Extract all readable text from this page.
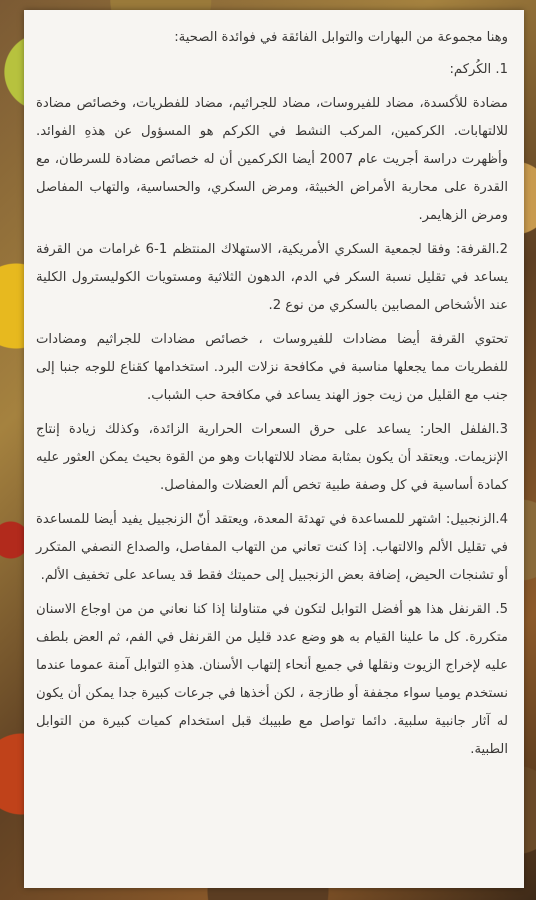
وهنا مجموعة من البهارات والتوابل الفائقة في فوائدة الصحية:

1. الكُركم:

مضادة للأكسدة، مضاد للفيروسات، مضاد للجراثيم، مضاد للفطريات، وخصائص مضادة للالتهابات. الكركمين، المركب النشط في الكركم هو المسؤول عن هذهِ الفوائد. وأظهرت دراسة أجريت عام 2007 أيضا الكركمين أن له خصائص مضادة للسرطان، مع القدرة على محاربة الأمراض الخبيثة، ومرض السكري، والحساسية، والتهاب المفاصل ومرض الزهايمر.

2.القرفة: وفقا لجمعية السكري الأمريكية، الاستهلاك المنتظم 1-6 غرامات من القرفة يساعد في تقليل نسبة السكر في الدم، الدهون الثلاثية ومستويات الكوليسترول الكلية عند الأشخاص المصابين بالسكري من نوع 2.

تحتوي القرفة أيضا مضادات للفيروسات ، خصائص مضادات للجراثيم ومضادات للفطريات مما يجعلها مناسبة في مكافحة نزلات البرد. استخدامها كقناع للوجه جنبا إلى جنب مع القليل من زيت جوز الهند يساعد في مكافحة حب الشباب.

3.الفلفل الحار: يساعد على حرق السعرات الحرارية الزائدة، وكذلك زيادة إنتاج الإنزيمات. ويعتقد أن يكون بمثابة مضاد للالتهابات وهو من القوة بحيث يمكن العثور عليه كمادة أساسية في كل وصفة طبية تخص ألم العضلات والمفاصل.

4.الزنجبيل: اشتهر للمساعدة في تهدئة المعدة، ويعتقد أنّ الزنجبيل يفيد أيضا للمساعدة في تقليل الألم والالتهاب. إذا كنت تعاني من التهاب المفاصل، والصداع النصفي المتكرر أو تشنجات الحيض، إضافة بعض الزنجبيل إلى حميتك فقط قد يساعد على تخفيف الألم.

5. القرنفل هذا هو أفضل التوابل لتكون في متناولنا إذا كنا نعاني من من اوجاع الاسنان متكررة. كل ما علينا القيام به هو وضع عدد قليل من القرنفل في الفم، ثم العض بلطف عليه لإخراج الزيوت ونقلها في جميع أنحاء إلتهاب الأسنان. هذهِ التوابل آمنة عموما عندما نستخدم يوميا سواء مجففة أو طازجة ، لكن أخذها في جرعات كبيرة جدا يمكن أن يكون له آثار جانبية سلبية. دائما تواصل مع طبيبك قبل استخدام كميات كبيرة من التوابل الطبية.
